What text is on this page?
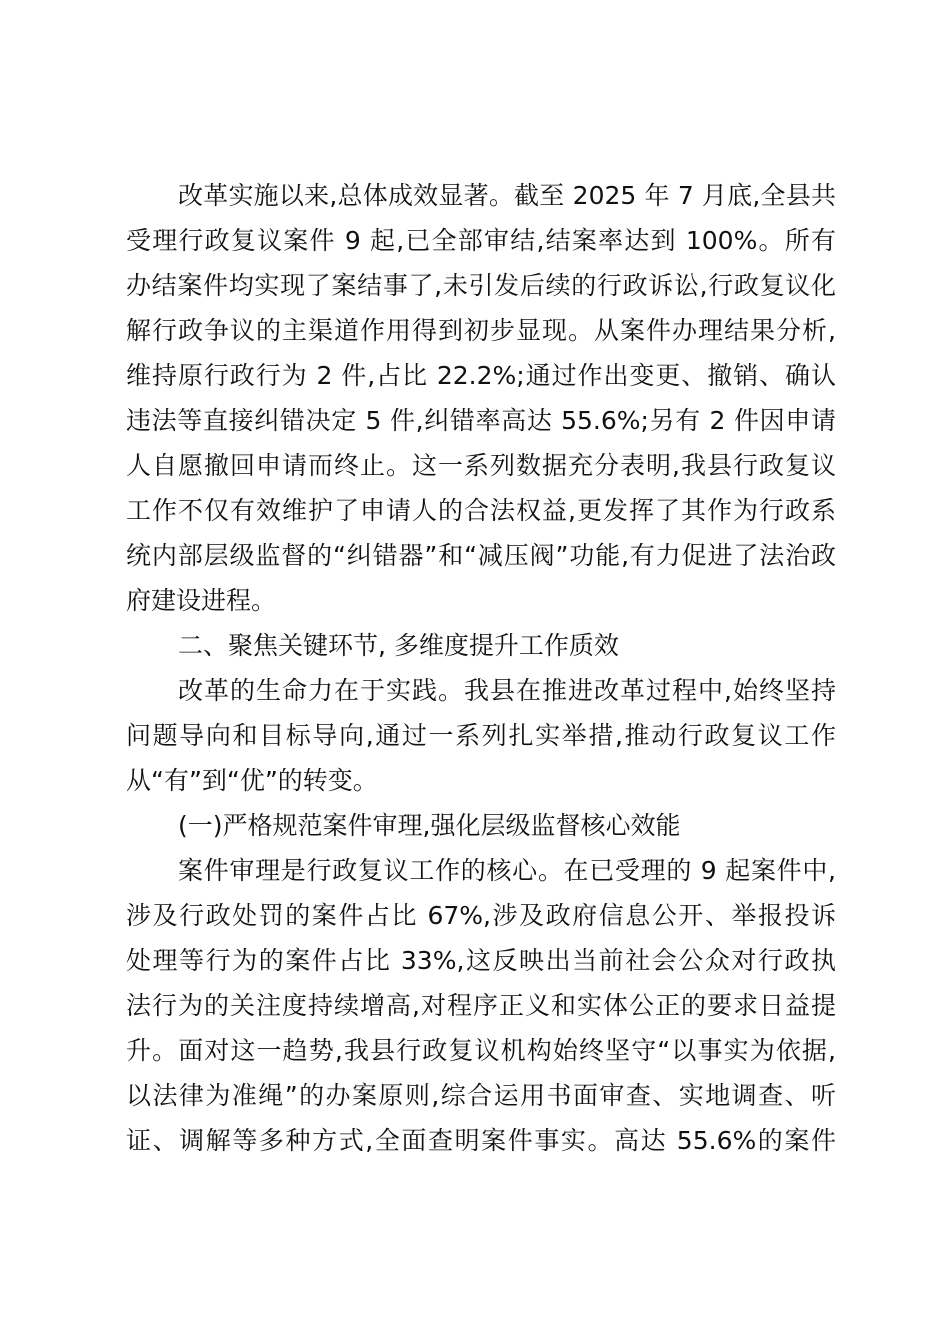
改革实施以来,总体成效显著。截至 2025 年 7 月底,全县共
受理行政复议案件 9 起,已全部审结,结案率达到 100%。所有
办结案件均实现了案结事了,未引发后续的行政诉讼,行政复议化
解行政争议的主渠道作用得到初步显现。从案件办理结果分析,
维持原行政行为 2 件,占比 22.2%;通过作出变更、撤销、确认
违法等直接纠错决定 5 件,纠错率高达 55.6%;另有 2 件因申请
人自愿撤回申请而终止。这一系列数据充分表明,我县行政复议
工作不仅有效维护了申请人的合法权益,更发挥了其作为行政系
统内部层级监督的“纠错器”和“减压阀”功能,有力促进了法治政
府建设进程。
二、聚焦关键环节, 多维度提升工作质效
改革的生命力在于实践。我县在推进改革过程中,始终坚持
问题导向和目标导向,通过一系列扎实举措,推动行政复议工作
从“有”到“优”的转变。
(一)严格规范案件审理,强化层级监督核心效能
案件审理是行政复议工作的核心。在已受理的 9 起案件中,
涉及行政处罚的案件占比 67%,涉及政府信息公开、举报投诉
处理等行为的案件占比 33%,这反映出当前社会公众对行政执
法行为的关注度持续增高,对程序正义和实体公正的要求日益提
升。面对这一趋势,我县行政复议机构始终坚守“以事实为依据,
以法律为准绳”的办案原则,综合运用书面审查、实地调查、听
证、调解等多种方式,全面查明案件事实。高达 55.6%的案件
